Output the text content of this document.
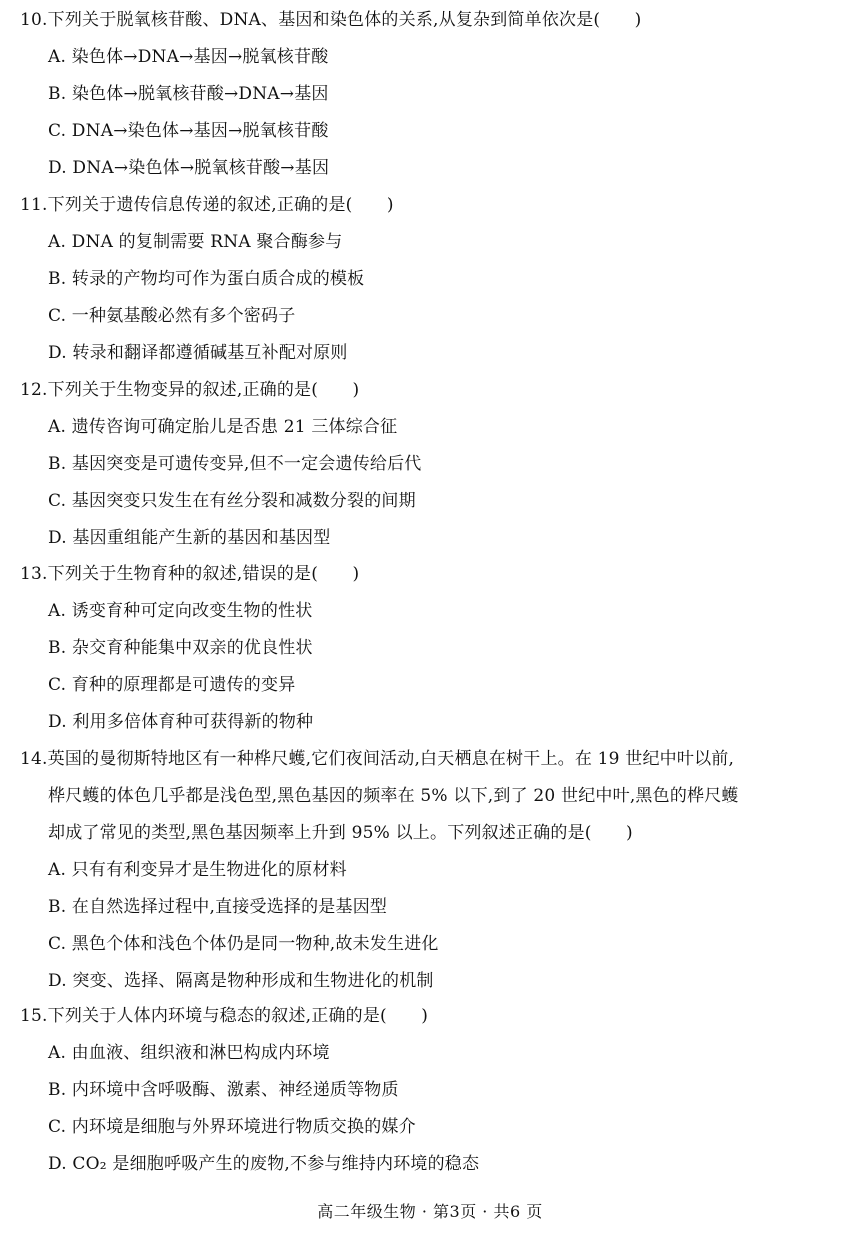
10.下列关于脱氧核苷酸、DNA、基因和染色体的关系,从复杂到简单依次是(　　)
A. 染色体→DNA→基因→脱氧核苷酸
B. 染色体→脱氧核苷酸→DNA→基因
C. DNA→染色体→基因→脱氧核苷酸
D. DNA→染色体→脱氧核苷酸→基因
11.下列关于遗传信息传递的叙述,正确的是(　　)
A. DNA 的复制需要 RNA 聚合酶参与
B. 转录的产物均可作为蛋白质合成的模板
C. 一种氨基酸必然有多个密码子
D. 转录和翻译都遵循碱基互补配对原则
12.下列关于生物变异的叙述,正确的是(　　)
A. 遗传咨询可确定胎儿是否患 21 三体综合征
B. 基因突变是可遗传变异,但不一定会遗传给后代
C. 基因突变只发生在有丝分裂和减数分裂的间期
D. 基因重组能产生新的基因和基因型
13.下列关于生物育种的叙述,错误的是(　　)
A. 诱变育种可定向改变生物的性状
B. 杂交育种能集中双亲的优良性状
C. 育种的原理都是可遗传的变异
D. 利用多倍体育种可获得新的物种
14.英国的曼彻斯特地区有一种桦尺蠖,它们夜间活动,白天栖息在树干上。在 19 世纪中叶以前,
桦尺蠖的体色几乎都是浅色型,黑色基因的频率在 5% 以下,到了 20 世纪中叶,黑色的桦尺蠖
却成了常见的类型,黑色基因频率上升到 95% 以上。下列叙述正确的是(　　)
A. 只有有利变异才是生物进化的原材料
B. 在自然选择过程中,直接受选择的是基因型
C. 黑色个体和浅色个体仍是同一物种,故未发生进化
D. 突变、选择、隔离是物种形成和生物进化的机制
15.下列关于人体内环境与稳态的叙述,正确的是(　　)
A. 由血液、组织液和淋巴构成内环境
B. 内环境中含呼吸酶、激素、神经递质等物质
C. 内环境是细胞与外界环境进行物质交换的媒介
D. CO₂ 是细胞呼吸产生的废物,不参与维持内环境的稳态
高二年级生物 · 第3页 · 共6 页
